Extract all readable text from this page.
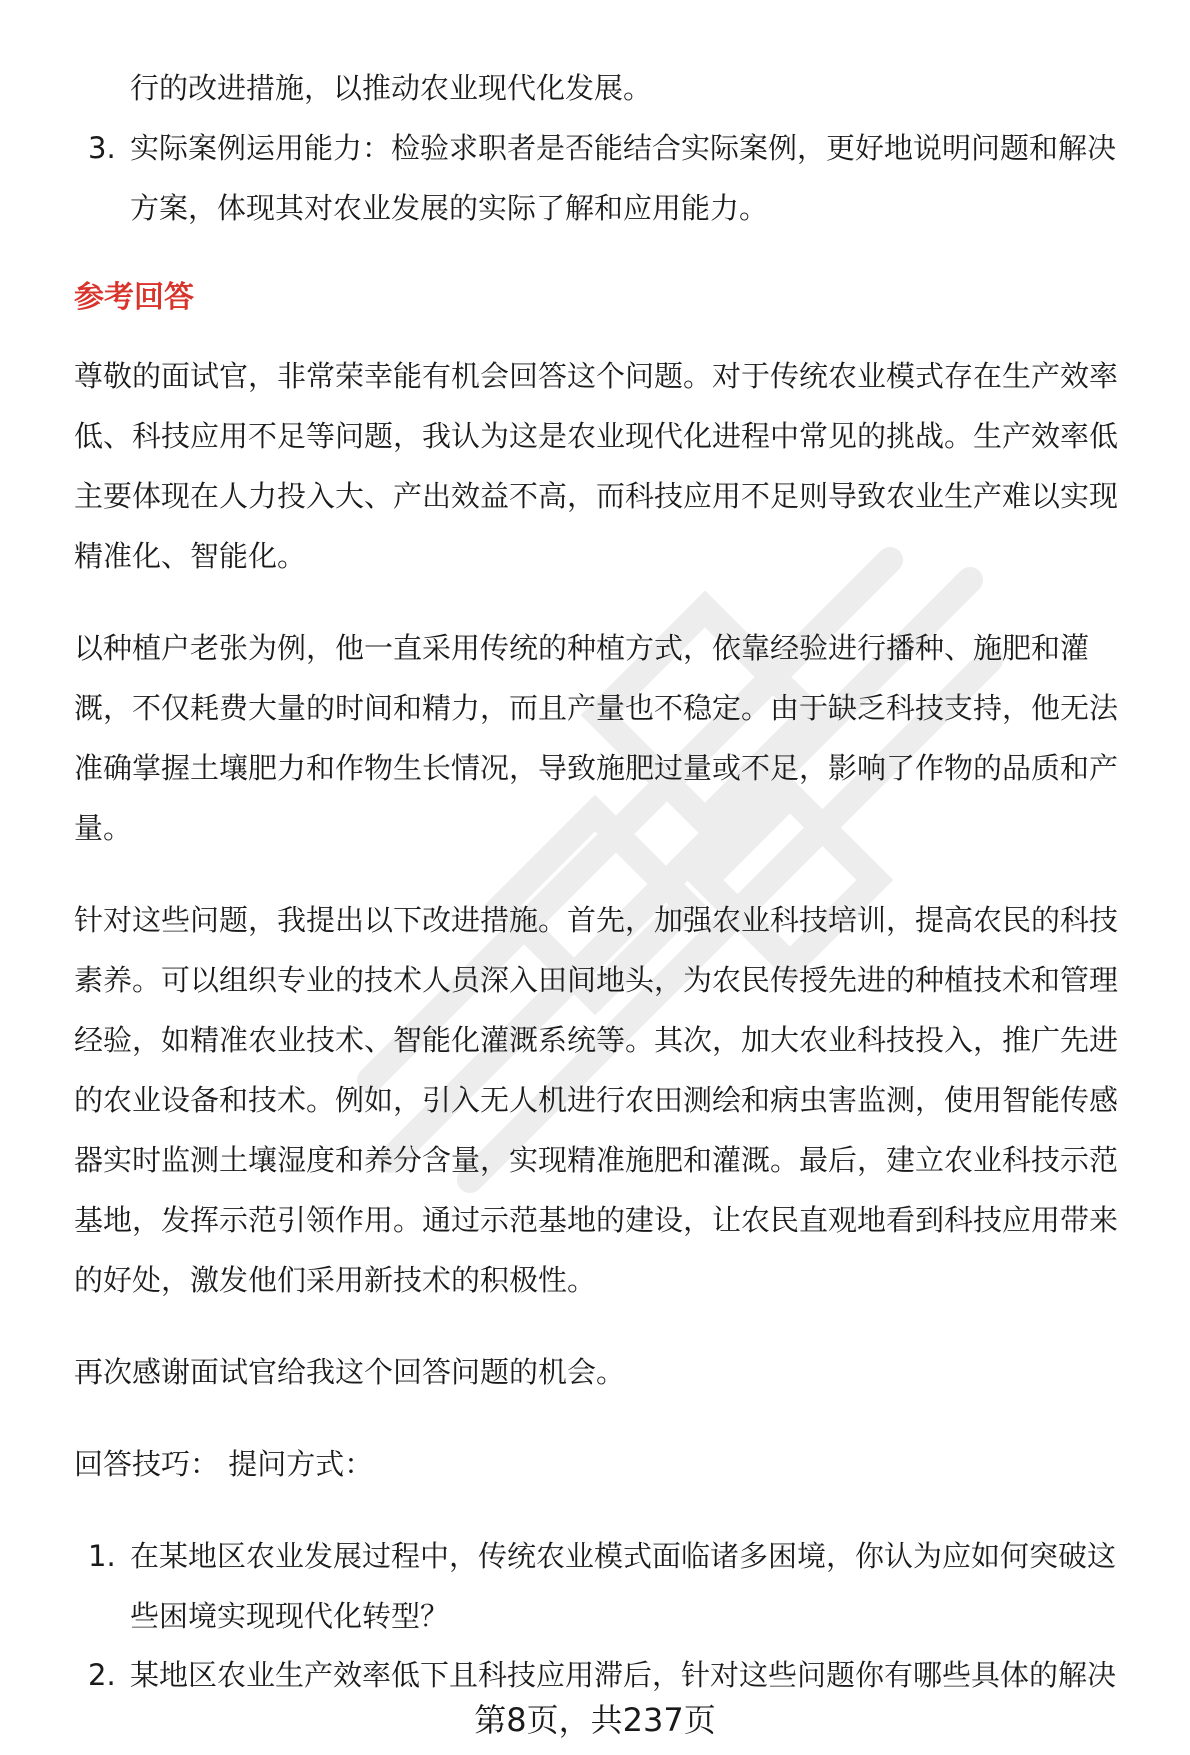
行的改进措施，以推动农业现代化发展。
3. 实际案例运用能力：检验求职者是否能结合实际案例，更好地说明问题和解决
方案，体现其对农业发展的实际了解和应用能力。
参考回答
尊敬的面试官，非常荣幸能有机会回答这个问题。对于传统农业模式存在生产效率
低、科技应用不足等问题，我认为这是农业现代化进程中常见的挑战。生产效率低
主要体现在人力投入大、产出效益不高，而科技应用不足则导致农业生产难以实现
精准化、智能化。
以种植户老张为例，他一直采用传统的种植方式，依靠经验进行播种、施肥和灌
溉，不仅耗费大量的时间和精力，而且产量也不稳定。由于缺乏科技支持，他无法
准确掌握土壤肥力和作物生长情况，导致施肥过量或不足，影响了作物的品质和产
量。
针对这些问题，我提出以下改进措施。首先，加强农业科技培训，提高农民的科技
素养。可以组织专业的技术人员深入田间地头，为农民传授先进的种植技术和管理
经验，如精准农业技术、智能化灌溉系统等。其次，加大农业科技投入，推广先进
的农业设备和技术。例如，引入无人机进行农田测绘和病虫害监测，使用智能传感
器实时监测土壤湿度和养分含量，实现精准施肥和灌溉。最后，建立农业科技示范
基地，发挥示范引领作用。通过示范基地的建设，让农民直观地看到科技应用带来
的好处，激发他们采用新技术的积极性。
再次感谢面试官给我这个回答问题的机会。
回答技巧： 提问方式：
1. 在某地区农业发展过程中，传统农业模式面临诸多困境，你认为应如何突破这
些困境实现现代化转型？
2. 某地区农业生产效率低下且科技应用滞后，针对这些问题你有哪些具体的解决
第8页，共237页
